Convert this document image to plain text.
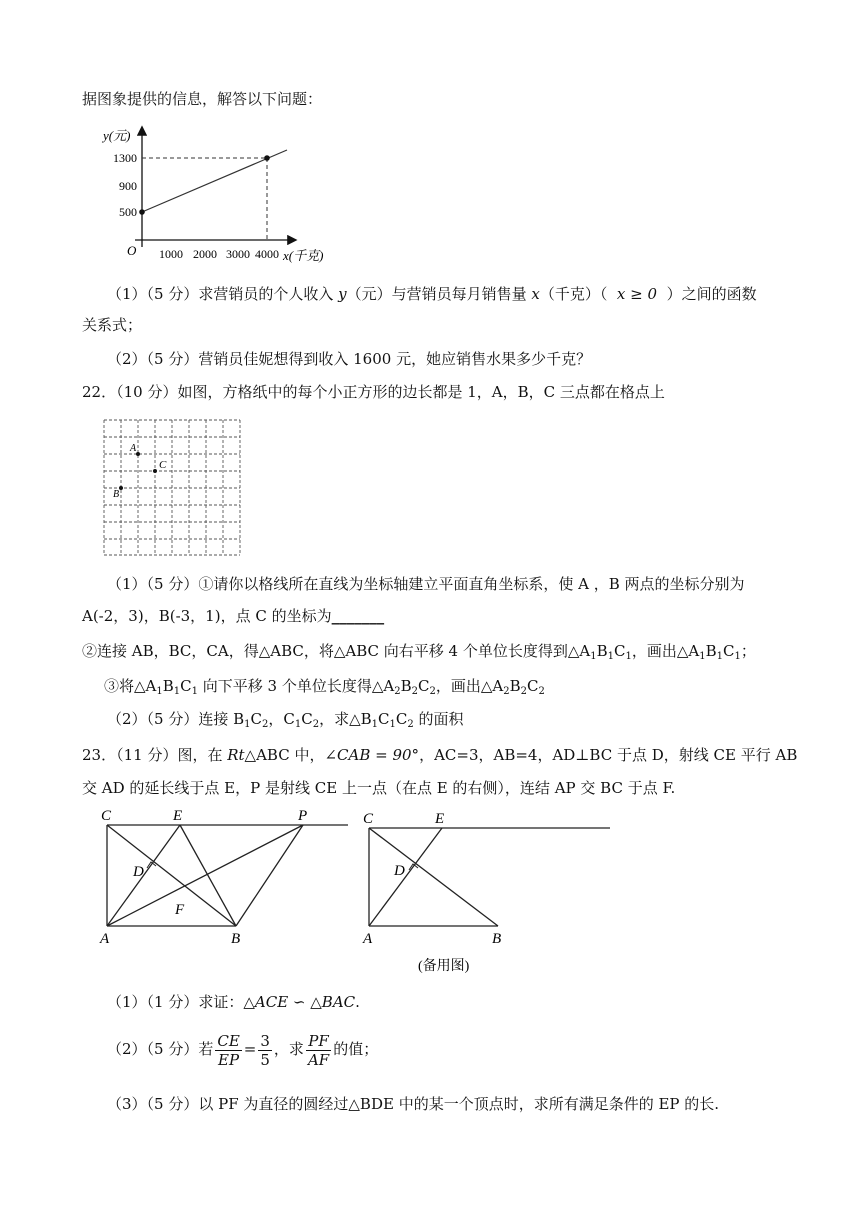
据图象提供的信息，解答以下问题：
y(元)
1300
900
500
O 1000 2000 3000 4000 x(千克)
（1）（5 分）求营销员的个人收入 y（元）与营销员每月销售量 x（千克）（ x ≥ 0 ）之间的函数
关系式；
（2）（5 分）营销员佳妮想得到收入 1600 元，她应销售水果多少千克？
22．（10 分）如图，方格纸中的每个小正方形的边长都是 1，A，B，C 三点都在格点上
A
C
B
（1）（5 分）①请你以格线所在直线为坐标轴建立平面直角坐标系，使 A ，B 两点的坐标分别为
A(-2，3)，B(-3，1)，点 C 的坐标为_______
②连接 AB，BC，CA，得△ABC，将△ABC 向右平移 4 个单位长度得到$\triangle A_1B_1C_1$，画出$\triangle A_1B_1C_1$；
③将$\triangle A_1B_1C_1$ 向下平移 3 个单位长度得$\triangle A_2B_2C_2$，画出$\triangle A_2B_2C_2$
（2）（5 分）连接 $B_1C_2$，$C_1C_2$，求$\triangle B_1C_1C_2$ 的面积
23．（11 分）图，在 Rt△ABC 中，∠CAB = 90°，AC=3，AB=4，AD⊥BC 于点 D，射线 CE 平行 AB
交 AD 的延长线于点 E，P 是射线 CE 上一点（在点 E 的右侧），连结 AP 交 BC 于点 F.
C	E	P
D
F
A	B
C	E
D
A	B
(备用图)
（1）（1 分）求证：△ACE ∽ △BAC.
（2）（5 分）若 $\frac{CE}{EP} = \frac{3}{5}$ ，求 $\frac{PF}{AF}$ 的值；
（3）（5 分）以 PF 为直径的圆经过△BDE 中的某一个顶点时，求所有满足条件的 EP 的长.
